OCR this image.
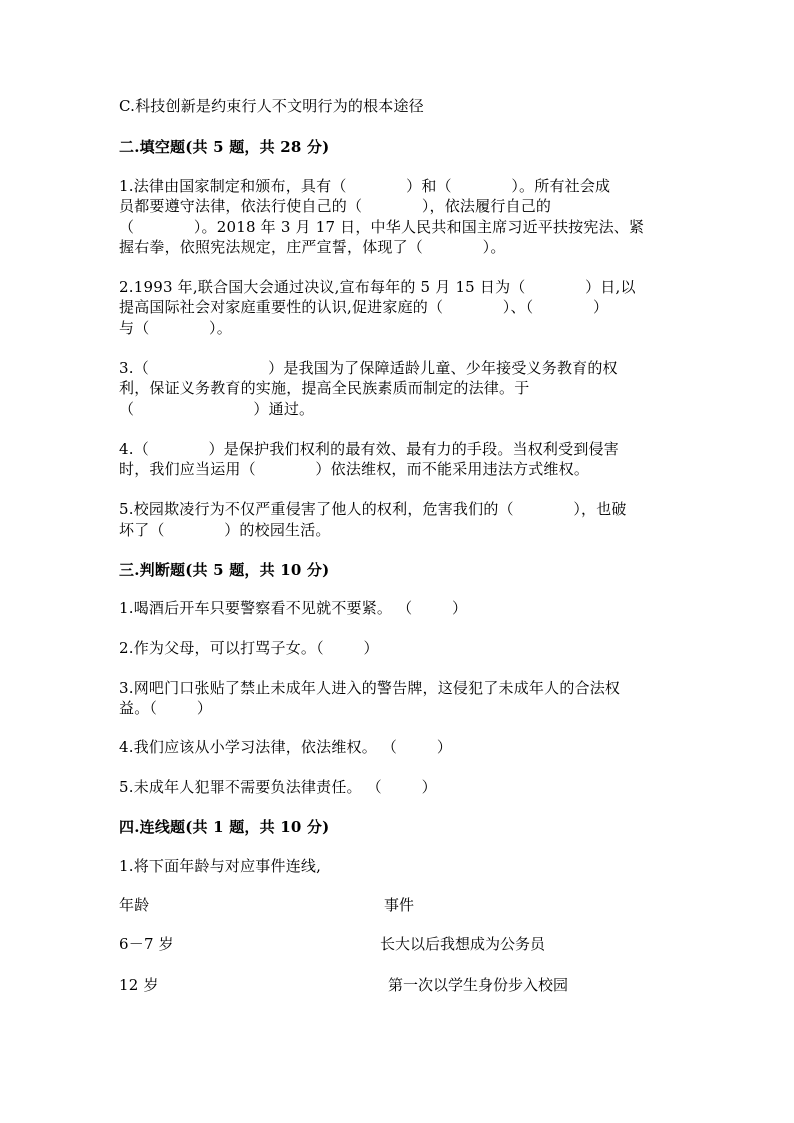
C.科技创新是约束行人不文明行为的根本途径
二.填空题(共 5 题，共 28 分)
1.法律由国家制定和颁布，具有（            ）和（            ）。所有社会成
员都要遵守法律，依法行使自己的（            ），依法履行自己的
（            ）。2018 年 3 月 17 日，中华人民共和国主席习近平扶按宪法、紧
握右拳，依照宪法规定，庄严宣誓，体现了（            ）。
2.1993 年,联合国大会通过决议,宣布每年的 5 月 15 日为（            ）日,以
提高国际社会对家庭重要性的认识,促进家庭的（            ）、（            ）
与（            ）。
3.（                        ）是我国为了保障适龄儿童、少年接受义务教育的权
利，保证义务教育的实施，提高全民族素质而制定的法律。于
（                        ）通过。
4.（            ）是保护我们权利的最有效、最有力的手段。当权利受到侵害
时，我们应当运用（            ）依法维权，而不能采用违法方式维权。
5.校园欺凌行为不仅严重侵害了他人的权利，危害我们的（            ），也破
坏了（            ）的校园生活。
三.判断题(共 5 题，共 10 分)
1.喝酒后开车只要警察看不见就不要紧。 （        ）
2.作为父母，可以打骂子女。（        ）
3.网吧门口张贴了禁止未成年人进入的警告牌，这侵犯了未成年人的合法权
益。（        ）
4.我们应该从小学习法律，依法维权。 （        ）
5.未成年人犯罪不需要负法律责任。 （        ）
四.连线题(共 1 题，共 10 分)
1.将下面年龄与对应事件连线,
年龄	事件
6－7 岁	长大以后我想成为公务员
12 岁	第一次以学生身份步入校园
